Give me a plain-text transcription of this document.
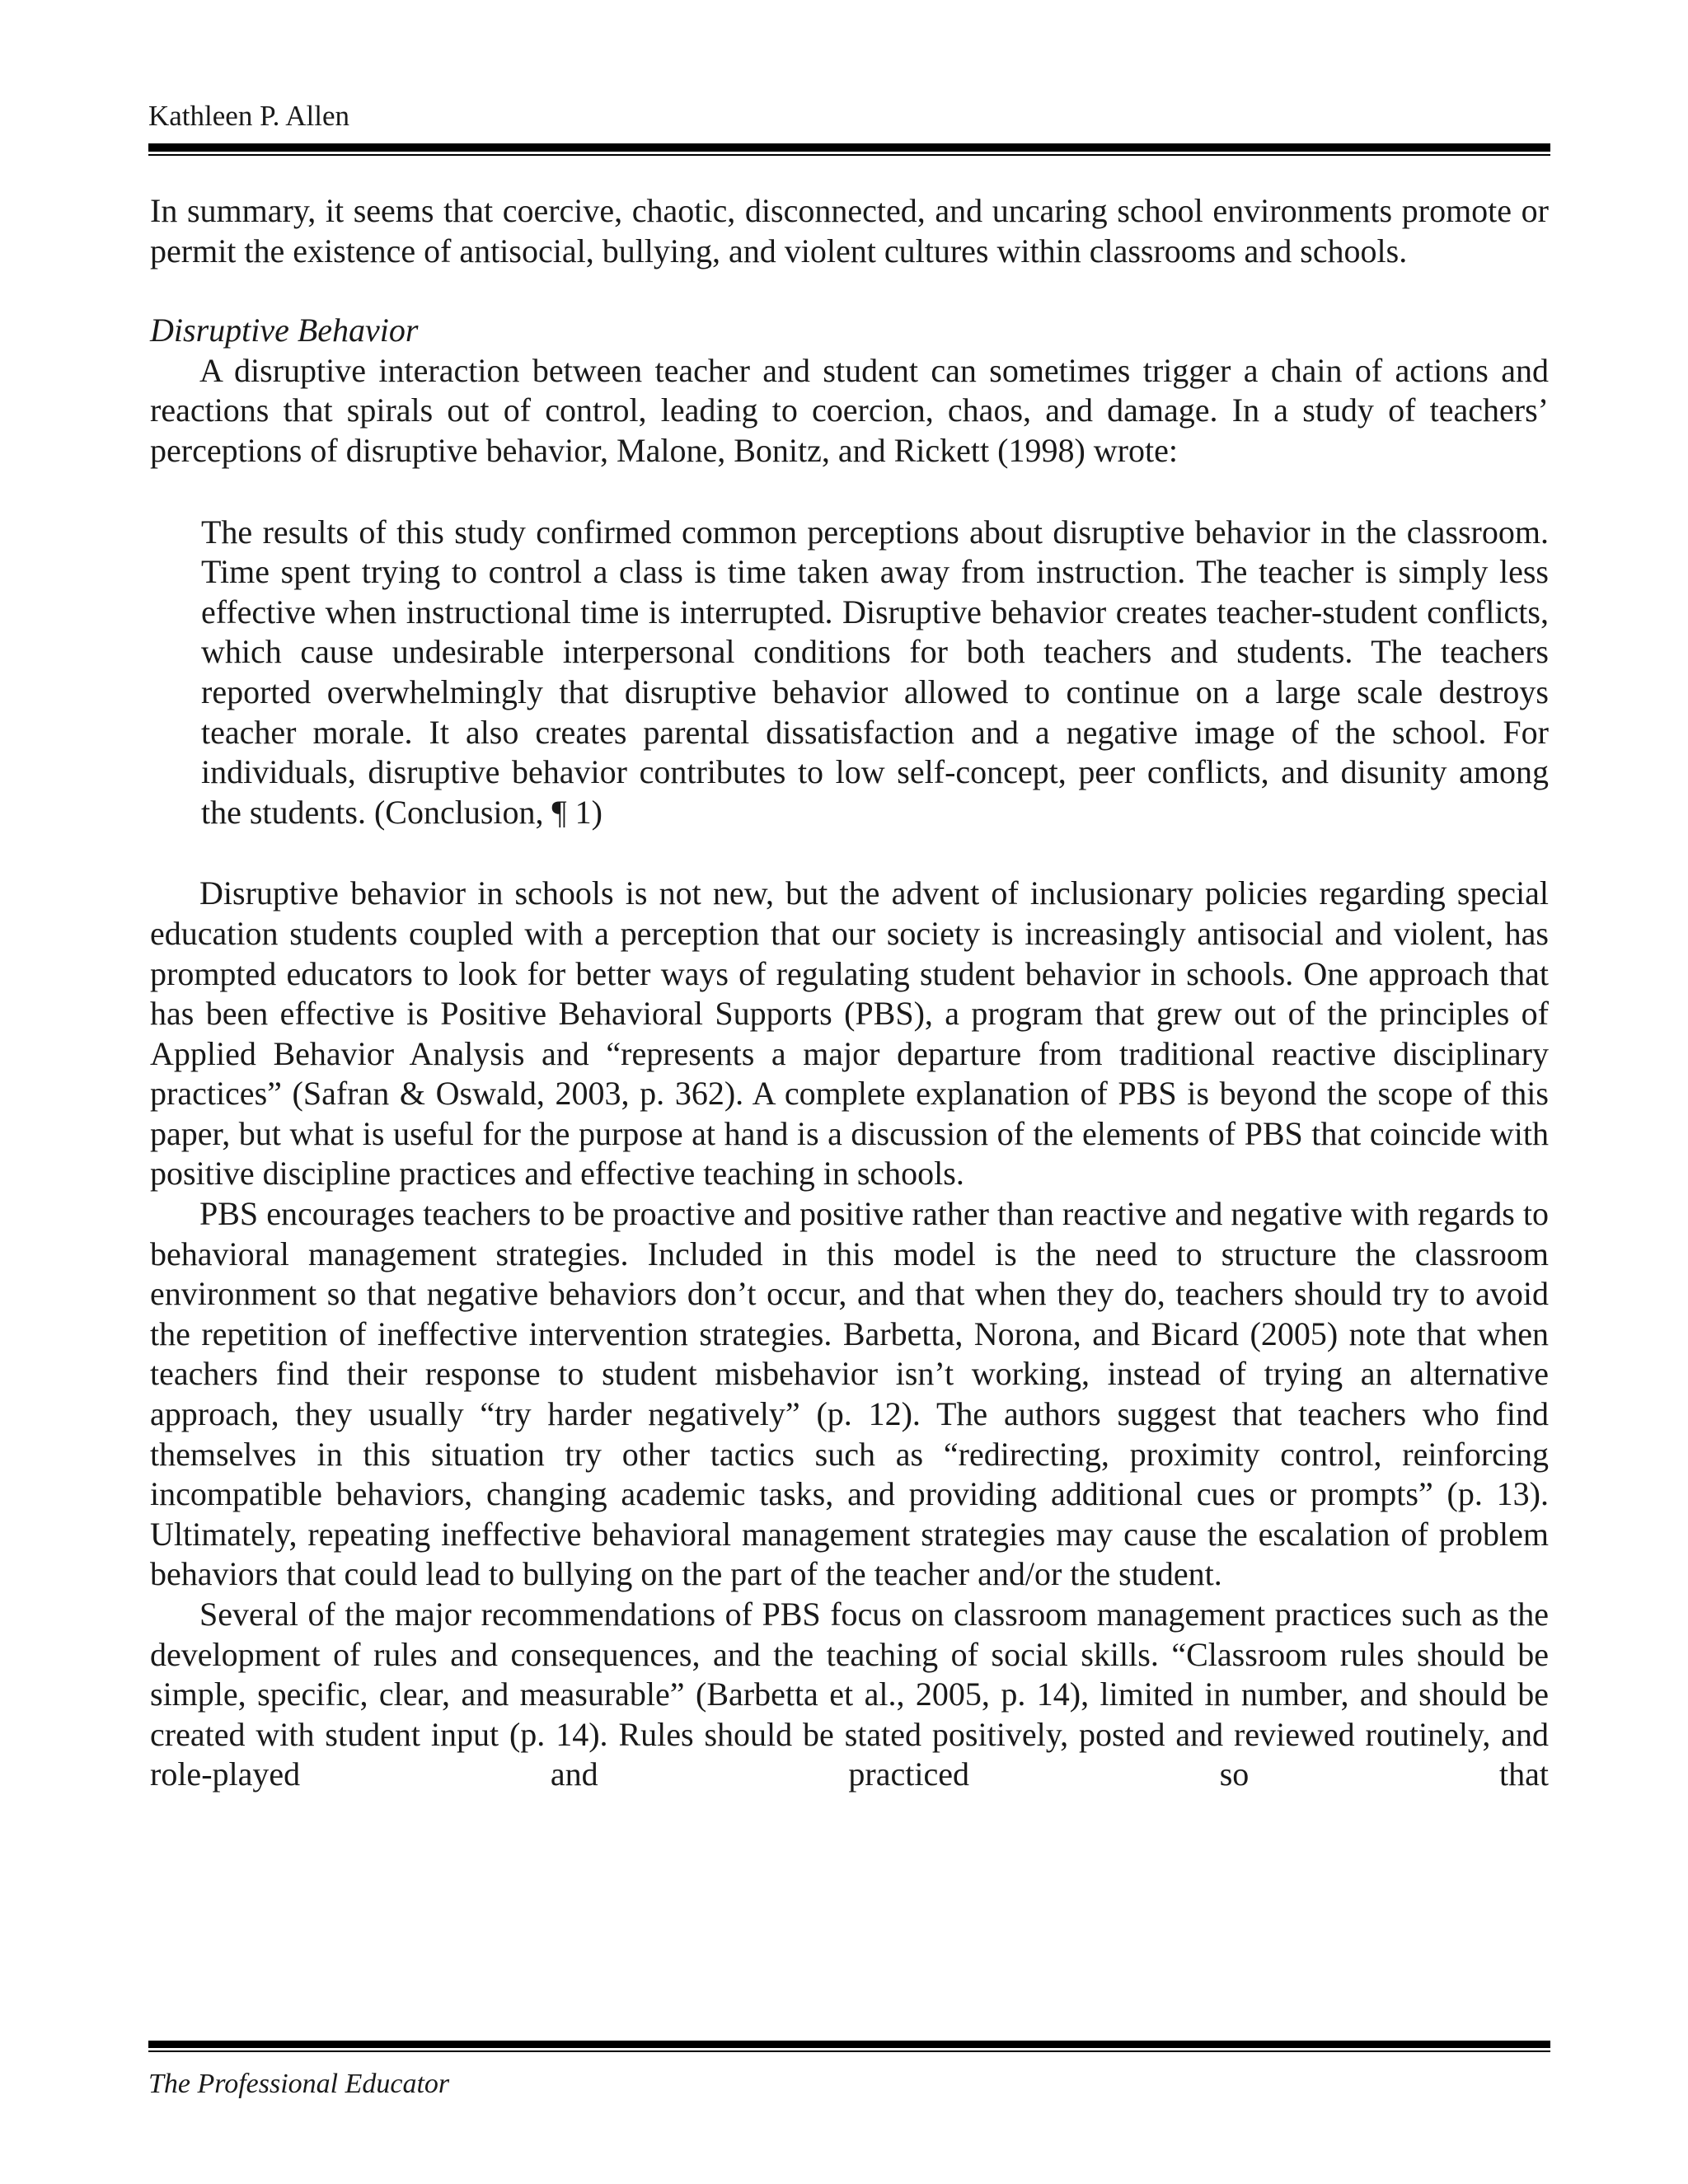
Kathleen P. Allen

In summary, it seems that coercive, chaotic, disconnected, and uncaring school environments promote or permit the existence of antisocial, bullying, and violent cultures within classrooms and schools.

Disruptive Behavior

A disruptive interaction between teacher and student can sometimes trigger a chain of actions and reactions that spirals out of control, leading to coercion, chaos, and damage. In a study of teachers’ perceptions of disruptive behavior, Malone, Bonitz, and Rickett (1998) wrote:

The results of this study confirmed common perceptions about disruptive behavior in the classroom. Time spent trying to control a class is time taken away from instruction. The teacher is simply less effective when instructional time is interrupted. Disruptive behavior creates teacher-student conflicts, which cause undesirable interpersonal conditions for both teachers and students. The teachers reported overwhelmingly that disruptive behavior allowed to continue on a large scale destroys teacher morale. It also creates parental dissatisfaction and a negative image of the school. For individuals, disruptive behavior contributes to low self-concept, peer conflicts, and disunity among the students. (Conclusion, ¶ 1)

Disruptive behavior in schools is not new, but the advent of inclusionary policies regarding special education students coupled with a perception that our society is increasingly antisocial and violent, has prompted educators to look for better ways of regulating student behavior in schools. One approach that has been effective is Positive Behavioral Supports (PBS), a program that grew out of the principles of Applied Behavior Analysis and “represents a major departure from traditional reactive disciplinary practices” (Safran & Oswald, 2003, p. 362). A complete explanation of PBS is beyond the scope of this paper, but what is useful for the purpose at hand is a discussion of the elements of PBS that coincide with positive discipline practices and effective teaching in schools.

PBS encourages teachers to be proactive and positive rather than reactive and negative with regards to behavioral management strategies. Included in this model is the need to structure the classroom environment so that negative behaviors don’t occur, and that when they do, teachers should try to avoid the repetition of ineffective intervention strategies. Barbetta, Norona, and Bicard (2005) note that when teachers find their response to student misbehavior isn’t working, instead of trying an alternative approach, they usually “try harder negatively” (p. 12). The authors suggest that teachers who find themselves in this situation try other tactics such as “redirecting, proximity control, reinforcing incompatible behaviors, changing academic tasks, and providing additional cues or prompts” (p. 13). Ultimately, repeating ineffective behavioral management strategies may cause the escalation of problem behaviors that could lead to bullying on the part of the teacher and/or the student.

Several of the major recommendations of PBS focus on classroom management practices such as the development of rules and consequences, and the teaching of social skills. “Classroom rules should be simple, specific, clear, and measurable” (Barbetta et al., 2005, p. 14), limited in number, and should be created with student input (p. 14). Rules should be stated positively, posted and reviewed routinely, and role-played and practiced so that

The Professional Educator
